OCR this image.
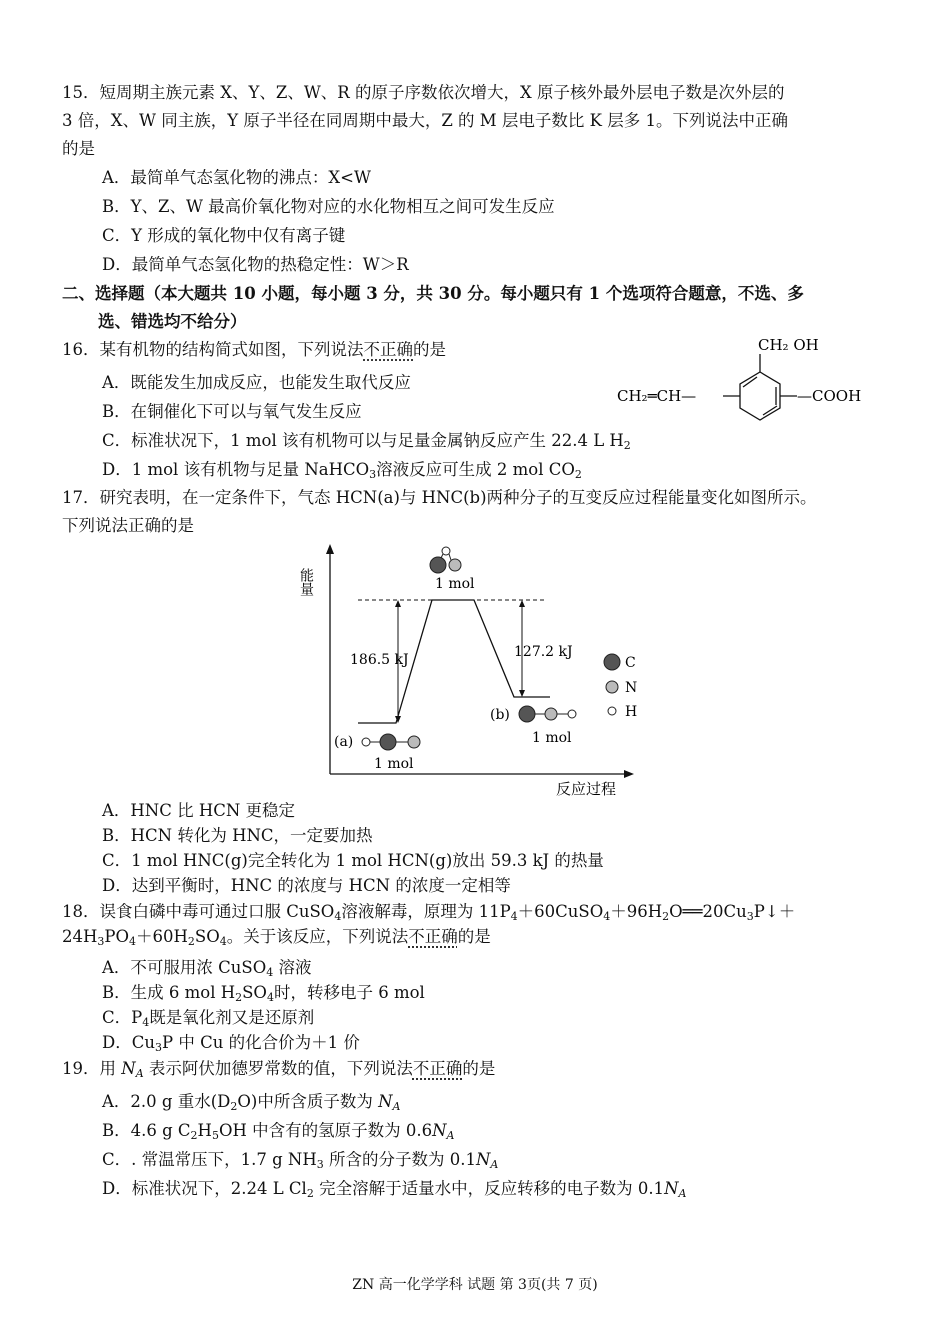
15．短周期主族元素 X、Y、Z、W、R 的原子序数依次增大，X 原子核外最外层电子数是次外层的
3 倍，X、W 同主族，Y 原子半径在同周期中最大，Z 的 M 层电子数比 K 层多 1。下列说法中正确
的是
A．最简单气态氢化物的沸点：X<W
B．Y、Z、W 最高价氧化物对应的水化物相互之间可发生反应
C．Y 形成的氧化物中仅有离子键
D．最简单气态氢化物的热稳定性：W＞R
二、选择题（本大题共 10 小题，每小题 3 分，共 30 分。每小题只有 1 个选项符合题意，不选、多
选、错选均不给分）
16．某有机物的结构简式如图，下列说法不正确的是
A．既能发生加成反应，也能发生取代反应
B．在铜催化下可以与氧气发生反应
C．标准状况下，1 mol 该有机物可以与足量金属钠反应产生 22.4 L $H_2$
D．1 mol 该有机物与足量 NaHCO$_3$溶液反应可生成 2 mol $CO_2$
CH₂ OH
—COOH
CH₂═CH—
17．研究表明，在一定条件下，气态 HCN(a)与 HNC(b)两种分子的互变反应过程能量变化如图所示。
下列说法正确的是
能量
反应过程
186.5 kJ	127.2 kJ
1 mol
(a)
1 mol
(b)
1 mol
C
N
H
A．HNC 比 HCN 更稳定
B．HCN 转化为 HNC，一定要加热
C．1 mol HNC(g)完全转化为 1 mol HCN(g)放出 59.3 kJ 的热量
D．达到平衡时，HNC 的浓度与 HCN 的浓度一定相等
18．误食白磷中毒可通过口服 CuSO$_4$溶液解毒，原理为 $11P_4+60CuSO_4+96H_2O══20Cu_3P↓+$
$24H_3PO_4+60H_2SO_4$。关于该反应，下列说法不正确的是
A．不可服用浓 CuSO$_4$ 溶液
B．生成 6 mol $H_2SO_4$时，转移电子 6 mol
C．$P_4$既是氧化剂又是还原剂
D．$Cu_3P$ 中 Cu 的化合价为＋1 价
19．用 $N_A$ 表示阿伏加德罗常数的值，下列说法不正确的是
A．2.0 g 重水$(D_2O)$中所含质子数为 $N_A$
B．4.6 g $C_2H_5OH$ 中含有的氢原子数为 $0.6N_A$
C．. 常温常压下，1.7 g $NH_3$ 所含的分子数为 $0.1N_A$
D．标准状况下，2.24 L $Cl_2$ 完全溶解于适量水中，反应转移的电子数为 $0.1N_A$
ZN 高一化学学科 试题 第 3页(共 7 页)
